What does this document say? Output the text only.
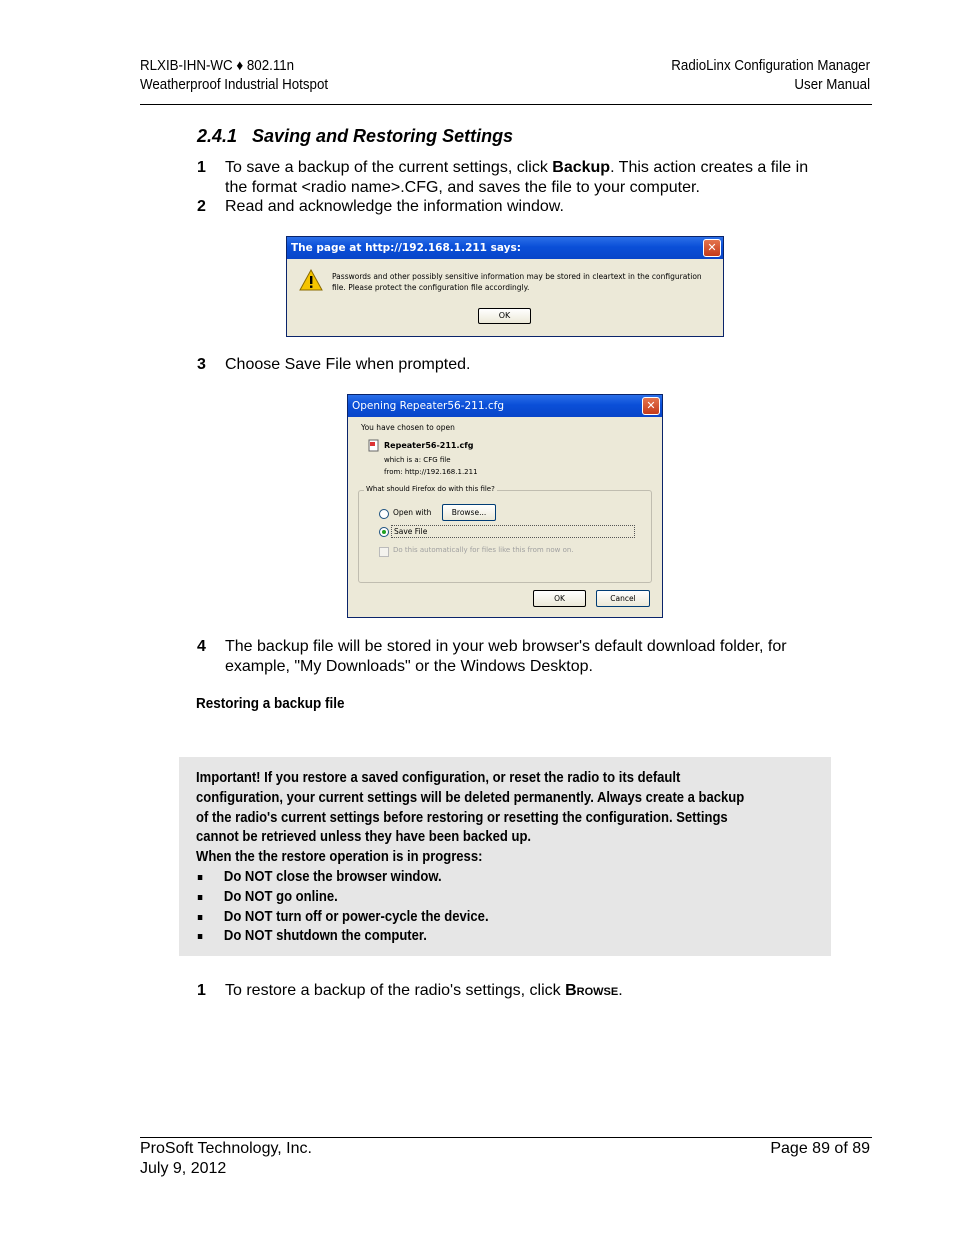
RLXIB-IHN-WC ♦ 802.11n
Weatherproof Industrial Hotspot
RadioLinx Configuration Manager
User Manual
2.4.1   Saving and Restoring Settings
1 To save a backup of the current settings, click Backup. This action creates a file in the format <radio name>.CFG, and saves the file to your computer.
2 Read and acknowledge the information window.
The page at http://192.168.1.211 says:	✕
Passwords and other possibly sensitive information may be stored in cleartext in the configuration file. Please protect the configuration file accordingly.
OK
3 Choose Save File when prompted.
Opening Repeater56-211.cfg	✕
You have chosen to open
Repeater56-211.cfg
which is a: CFG file
from: http://192.168.1.211
What should Firefox do with this file?
Open with	Browse...
Save File
Do this automatically for files like this from now on.
OK	Cancel
4 The backup file will be stored in your web browser's default download folder, for example, "My Downloads" or the Windows Desktop.
Restoring a backup file
Important! If you restore a saved configuration, or reset the radio to its default configuration, your current settings will be deleted permanently. Always create a backup of the radio's current settings before restoring or resetting the configuration. Settings cannot be retrieved unless they have been backed up.
When the the restore operation is in progress:
Do NOT close the browser window.
Do NOT go online.
Do NOT turn off or power-cycle the device.
Do NOT shutdown the computer.
1 To restore a backup of the radio's settings, click Browse.
ProSoft Technology, Inc.
July 9, 2012
Page 89 of 89
